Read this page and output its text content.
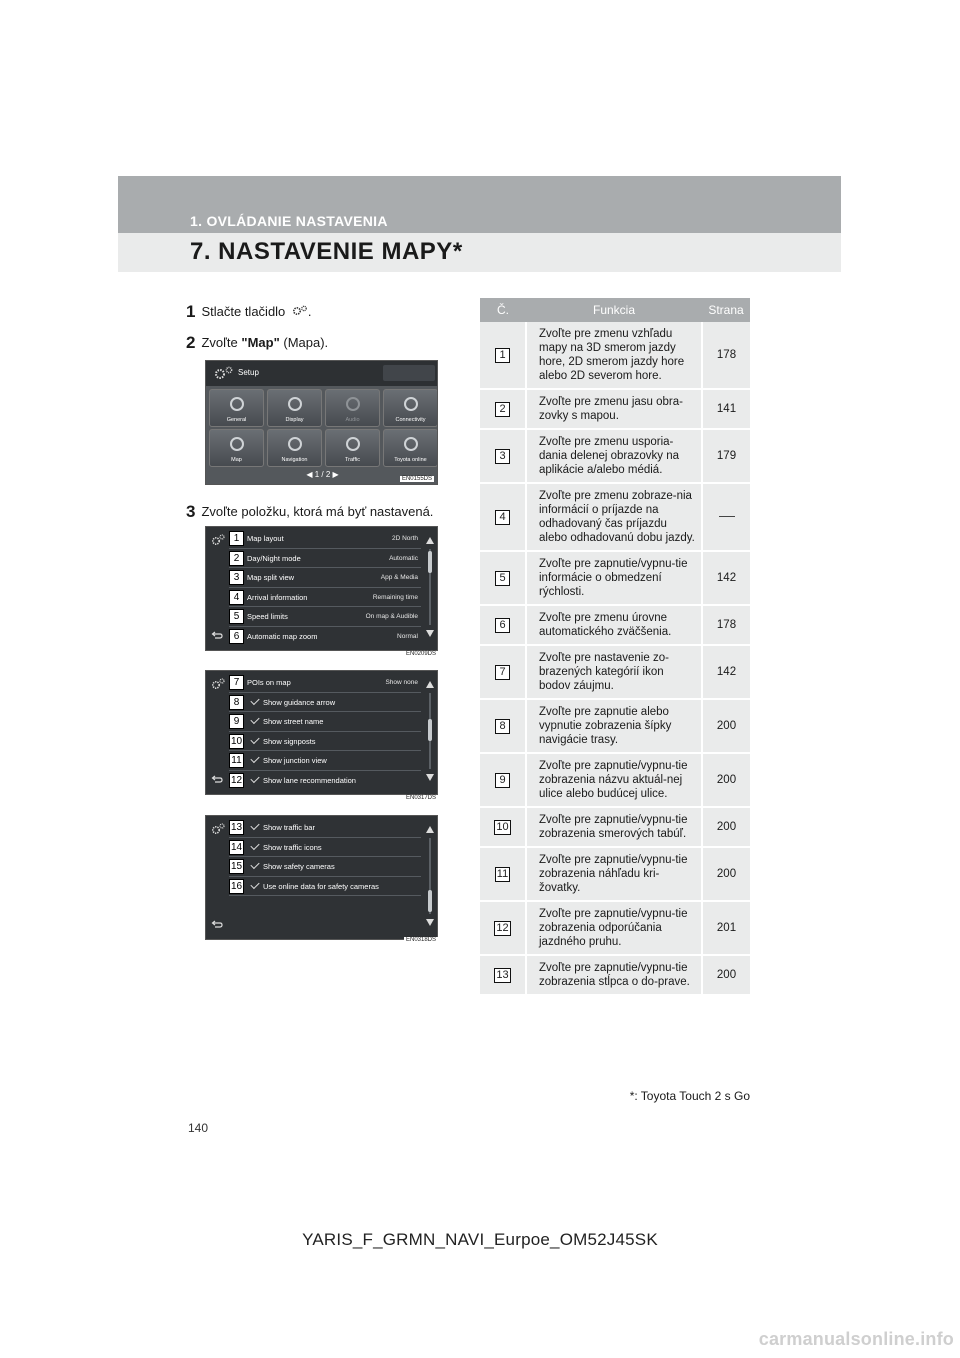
1. OVLÁDANIE NASTAVENIA
7. NASTAVENIE MAPY*
1 Stlačte tlačidlo .
2 Zvoľte "Map" (Mapa).
Setup
General	Display	Audio	Connectivity
Map	Navigation	Traffic	Toyota online
◀ 1 / 2 ▶	EN0155DS
3 Zvoľte položku, ktorá má byť nastavená.
1	Map layout	2D North
2	Day/Night mode	Automatic
3	Map split view	App & Media
4	Arrival information	Remaining time
5	Speed limits	On map & Audible
6	Automatic map zoom	Normal
EN0209DS
7	POIs on map	Show none
8	Show guidance arrow
9	Show street name
10	Show signposts
11	Show junction view
12	Show lane recommendation
EN0317DS
13	Show traffic bar
14	Show traffic icons
15	Show safety cameras
16	Use online data for safety cameras
EN0318DS
Č.	Funkcia	Strana
1	Zvoľte pre zmenu vzhľadu mapy na 3D smerom jazdy hore, 2D smerom jazdy hore alebo 2D severom hore.	178
2	Zvoľte pre zmenu jasu obra-zovky s mapou.	141
3	Zvoľte pre zmenu usporia-dania delenej obrazovky na aplikácie a/alebo médiá.	179
4	Zvoľte pre zmenu zobraze-nia informácií o príjazde na odhadovaný čas príjazdu alebo odhadovanú dobu jazdy.	
5	Zvoľte pre zapnutie/vypnu-tie informácie o obmedzení rýchlosti.	142
6	Zvoľte pre zmenu úrovne automatického zväčšenia.	178
7	Zvoľte pre nastavenie zo-brazených kategórií ikon bodov záujmu.	142
8	Zvoľte pre zapnutie alebo vypnutie zobrazenia šípky navigácie trasy.	200
9	Zvoľte pre zapnutie/vypnu-tie zobrazenia názvu aktuál-nej ulice alebo budúcej ulice.	200
10	Zvoľte pre zapnutie/vypnu-tie zobrazenia smerových tabúľ.	200
11	Zvoľte pre zapnutie/vypnu-tie zobrazenia náhľadu kri-žovatky.	200
12	Zvoľte pre zapnutie/vypnu-tie zobrazenia odporúčania jazdného pruhu.	201
13	Zvoľte pre zapnutie/vypnu-tie zobrazenia stĺpca o do-prave.	200
*: Toyota Touch 2 s Go
140
YARIS_F_GRMN_NAVI_Eurpoe_OM52J45SK
carmanualsonline.info
